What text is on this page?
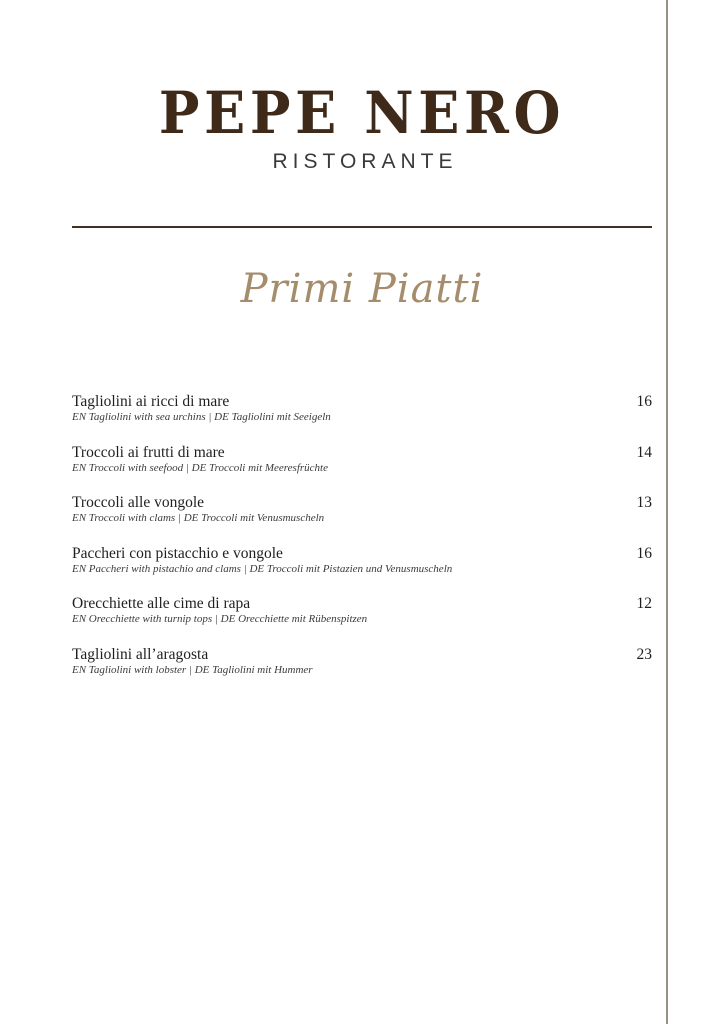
PEPE NERO
RISTORANTE
Primi Piatti
Tagliolini ai ricci di mare
EN Tagliolini with sea urchins | DE Tagliolini mit Seeigeln
16
Troccoli ai frutti di mare
EN Troccoli with seefood | DE Troccoli mit Meeresfrüchte
14
Troccoli alle vongole
EN Troccoli with clams | DE Troccoli mit Venusmuscheln
13
Paccheri con pistacchio e vongole
EN Paccheri with pistachio and clams | DE Troccoli mit Pistazien und Venusmuscheln
16
Orecchiette alle cime di rapa
EN Orecchiette with turnip tops | DE Orecchiette mit Rübenspitzen
12
Tagliolini all’aragosta
EN Tagliolini with lobster | DE Tagliolini mit Hummer
23
